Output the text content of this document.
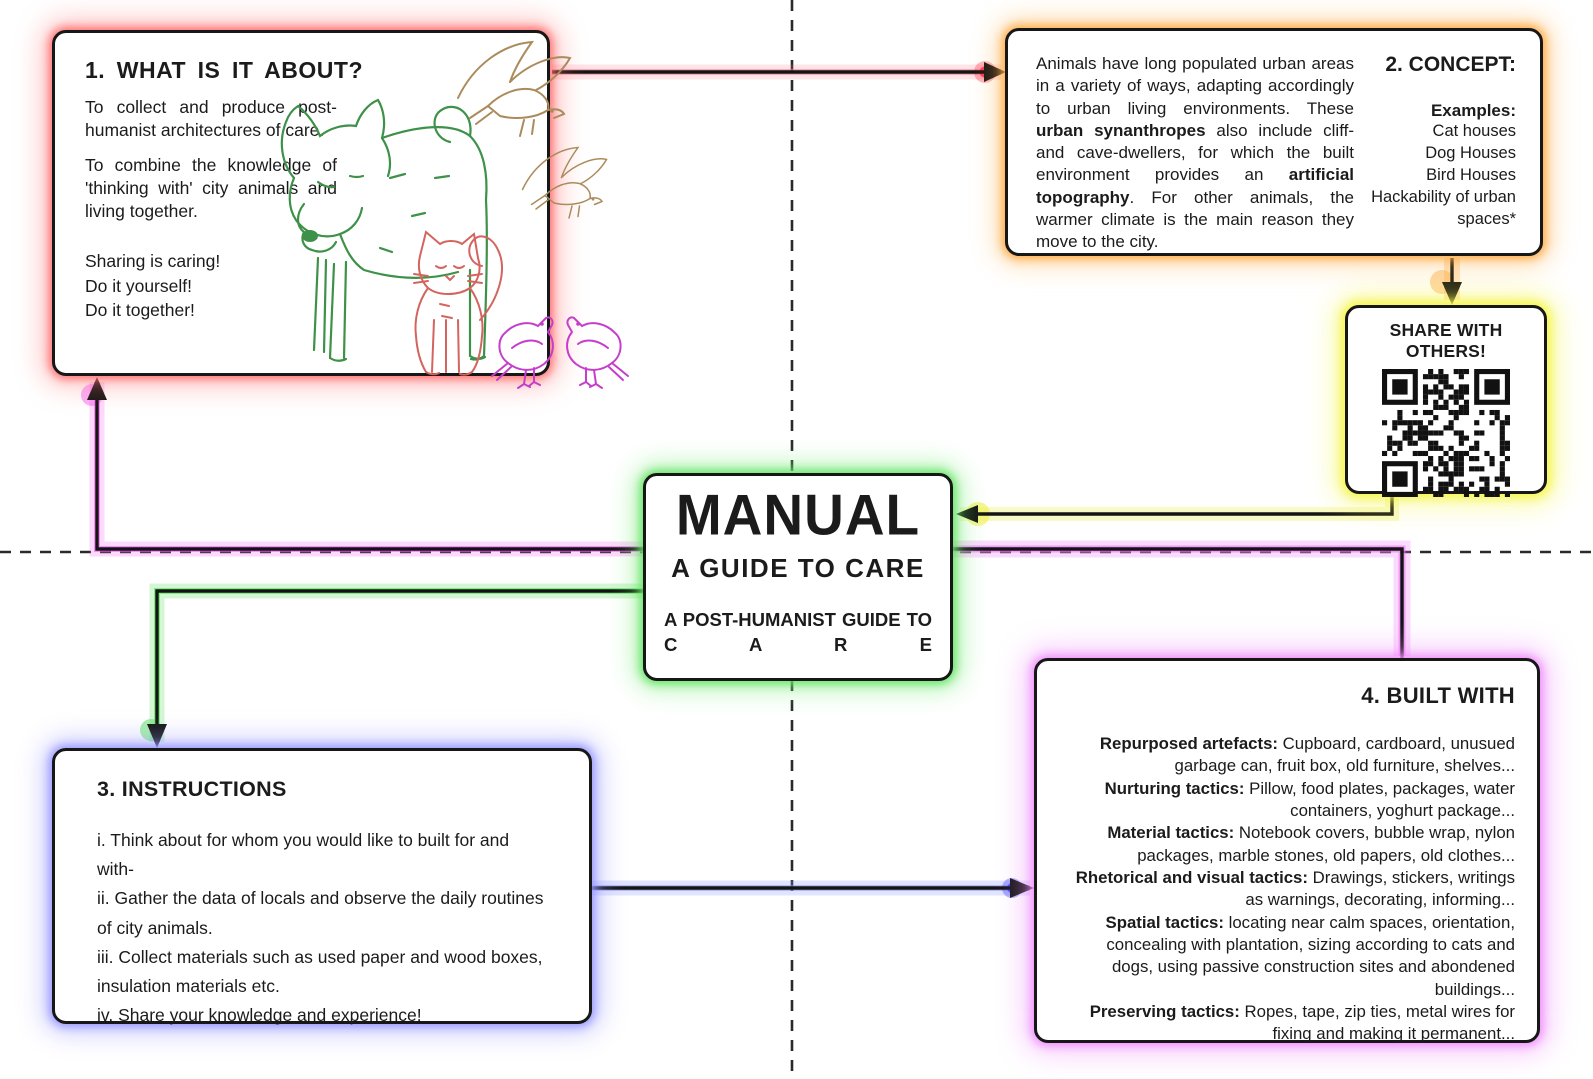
1. WHAT IS IT ABOUT?
To collect and produce post-humanist architectures of care.
To combine the knowledge of 'thinking with' city animals and living together.
Sharing is caring!
Do it yourself!
Do it together!
Animals have long populated urban areas in a variety of ways, adapting accordingly to urban living environments. These urban synanthropes also include cliff- and cave-dwellers, for which the built environment provides an artificial topography. For other animals, the warmer climate is the main reason they move to the city.
2. CONCEPT:
Examples:
Cat houses
Dog Houses
Bird Houses
Hackability of urban spaces*
SHARE WITH OTHERS!
MANUAL
A GUIDE TO CARE
A POST-HUMANIST GUIDE TO
C A R E
3. INSTRUCTIONS
i. Think about for whom you would like to built for and with-
ii. Gather the data of locals and observe the daily routines of city animals.
iii. Collect materials such as used paper and wood boxes, insulation materials etc.
iv. Share your knowledge and experience!
4. BUILT WITH
Repurposed artefacts: Cupboard, cardboard, unusued garbage can, fruit box, old furniture, shelves...
Nurturing tactics: Pillow, food plates, packages, water containers, yoghurt package...
Material tactics: Notebook covers, bubble wrap, nylon packages, marble stones, old papers, old clothes...
Rhetorical and visual tactics: Drawings, stickers, writings as warnings, decorating, informing...
Spatial tactics: locating near calm spaces, orientation, concealing with plantation, sizing according to cats and dogs, using passive construction sites and abondened buildings...
Preserving tactics: Ropes, tape, zip ties, metal wires for fixing and making it permanent...
